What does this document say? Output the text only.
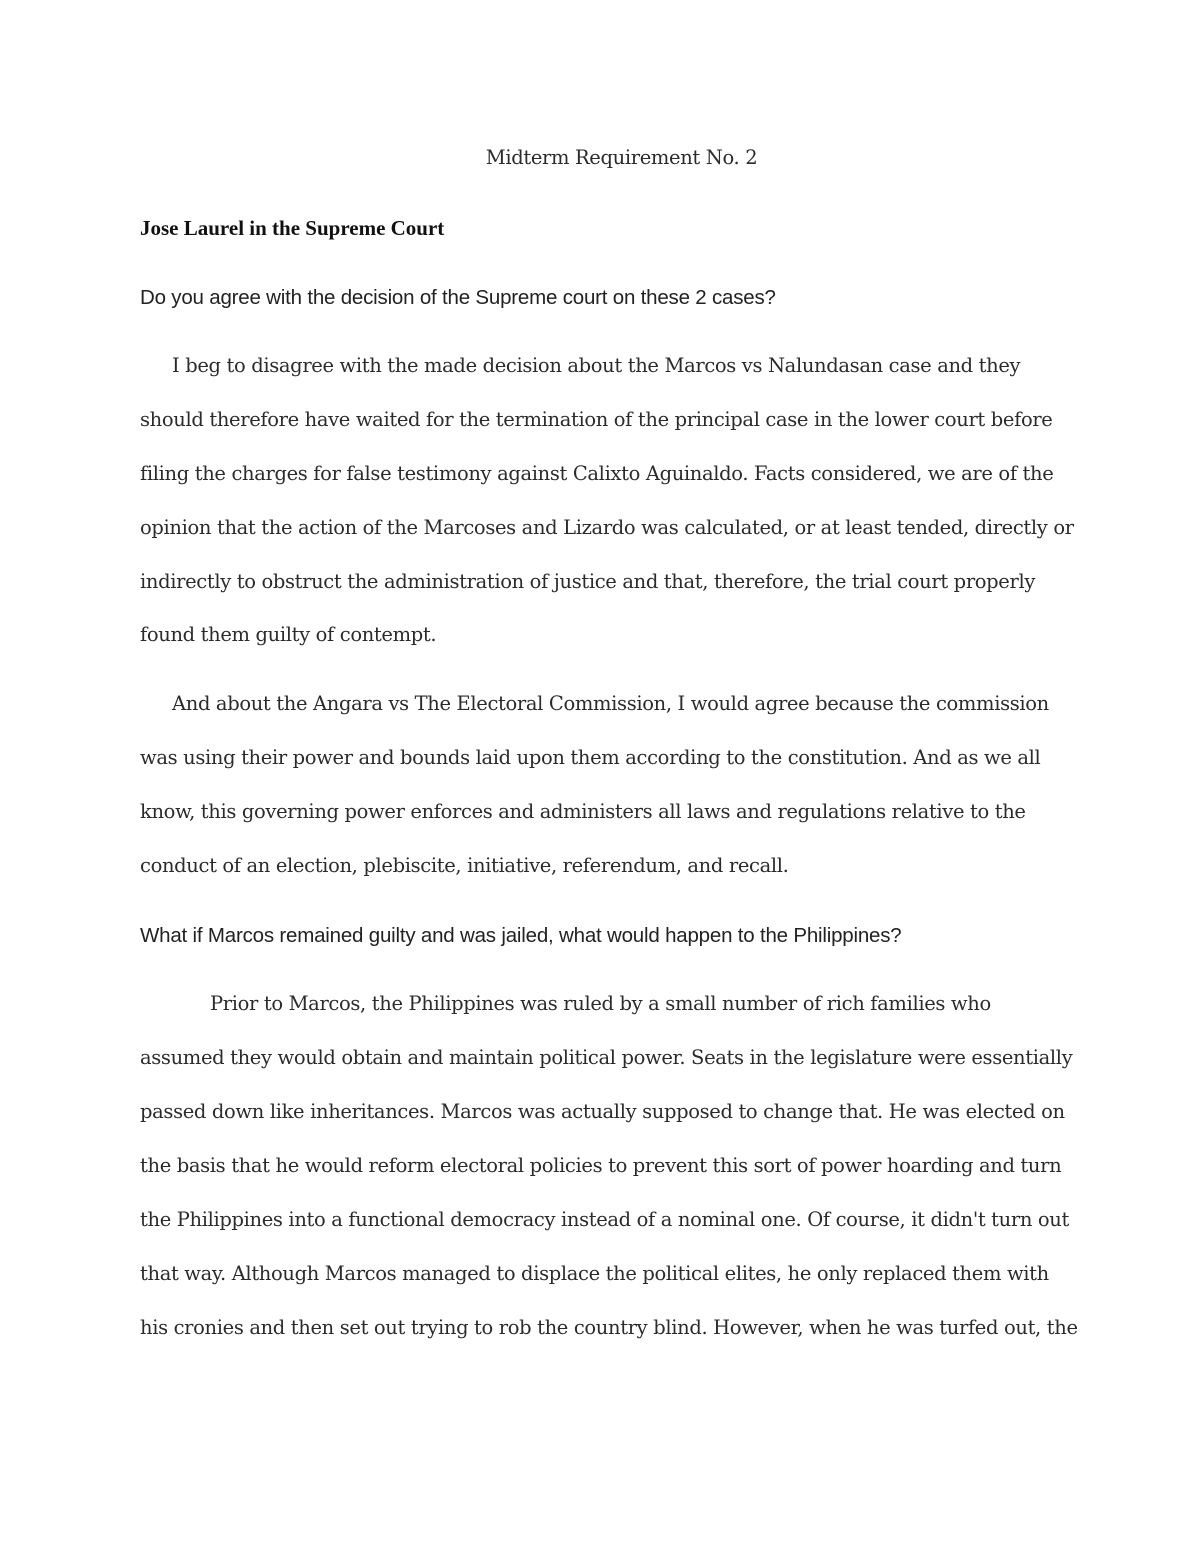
Midterm Requirement No. 2
Jose Laurel in the Supreme Court
Do you agree with the decision of the Supreme court on these 2 cases?
I beg to disagree with the made decision about the Marcos vs Nalundasan case and they
should therefore have waited for the termination of the principal case in the lower court before
filing the charges for false testimony against Calixto Aguinaldo. Facts considered, we are of the
opinion that the action of the Marcoses and Lizardo was calculated, or at least tended, directly or
indirectly to obstruct the administration of justice and that, therefore, the trial court properly
found them guilty of contempt.
And about the Angara vs The Electoral Commission, I would agree because the commission
was using their power and bounds laid upon them according to the constitution. And as we all
know, this governing power enforces and administers all laws and regulations relative to the
conduct of an election, plebiscite, initiative, referendum, and recall.
What if Marcos remained guilty and was jailed, what would happen to the Philippines?
Prior to Marcos, the Philippines was ruled by a small number of rich families who
assumed they would obtain and maintain political power. Seats in the legislature were essentially
passed down like inheritances. Marcos was actually supposed to change that. He was elected on
the basis that he would reform electoral policies to prevent this sort of power hoarding and turn
the Philippines into a functional democracy instead of a nominal one. Of course, it didn't turn out
that way. Although Marcos managed to displace the political elites, he only replaced them with
his cronies and then set out trying to rob the country blind. However, when he was turfed out, the
